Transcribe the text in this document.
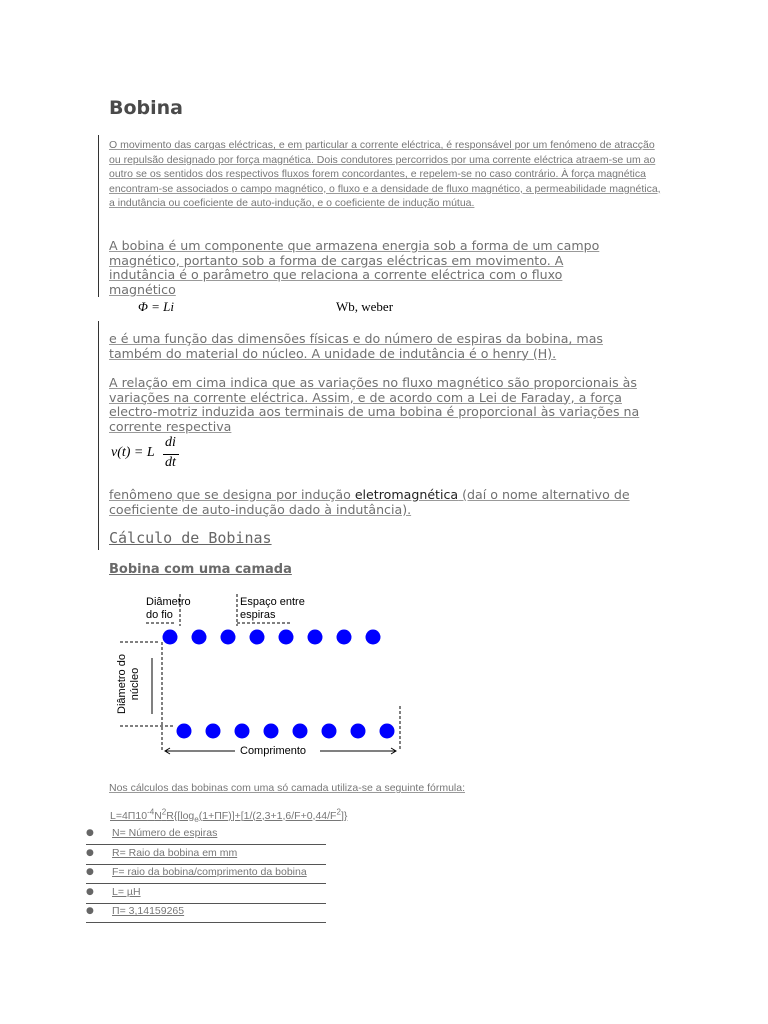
Bobina
O movimento das cargas eléctricas, e em particular a corrente eléctrica, é responsável por um fenómeno de atracção ou repulsão designado por força magnética. Dois condutores percorridos por uma corrente eléctrica atraem-se um ao outro se os sentidos dos respectivos fluxos forem concordantes, e repelem-se no caso contrário. À força magnética encontram-se associados o campo magnético, o fluxo e a densidade de fluxo magnético, a permeabilidade magnética, a indutância ou coeficiente de auto-indução, e o coeficiente de indução mútua.
A bobina é um componente que armazena energia sob a forma de um campo magnético, portanto sob a forma de cargas eléctricas em movimento. A indutância é o parâmetro que relaciona a corrente eléctrica com o fluxo magnético
Φ = Li	Wb, weber
e é uma função das dimensões físicas e do número de espiras da bobina, mas também do material do núcleo. A unidade de indutância é o henry (H).
A relação em cima indica que as variações no fluxo magnético são proporcionais às variações na corrente eléctrica. Assim, e de acordo com a Lei de Faraday, a força electro-motriz induzida aos terminais de uma bobina é proporcional às variações na corrente respectiva
v(t) = L
di
dt
fenômeno que se designa por indução eletromagnética (daí o nome alternativo de coeficiente de auto-indução dado à indutância).
Cálculo de Bobinas
Bobina com uma camada
Diâmetro do fio
Espaço entre espiras
Diâmetro do núcleo
Comprimento
Nos cálculos das bobinas com uma só camada utiliza-se a seguinte fórmula:
$L=4\Pi 10^{-4}N^2R\{[\log_e(1+\Pi F)]+[1/(2,3+1,6/F+0,44/F^2]\}$
● N= Número de espiras
● R= Raio da bobina em mm
● F= raio da bobina/comprimento da bobina
● L= µH
● Π= 3,14159265
